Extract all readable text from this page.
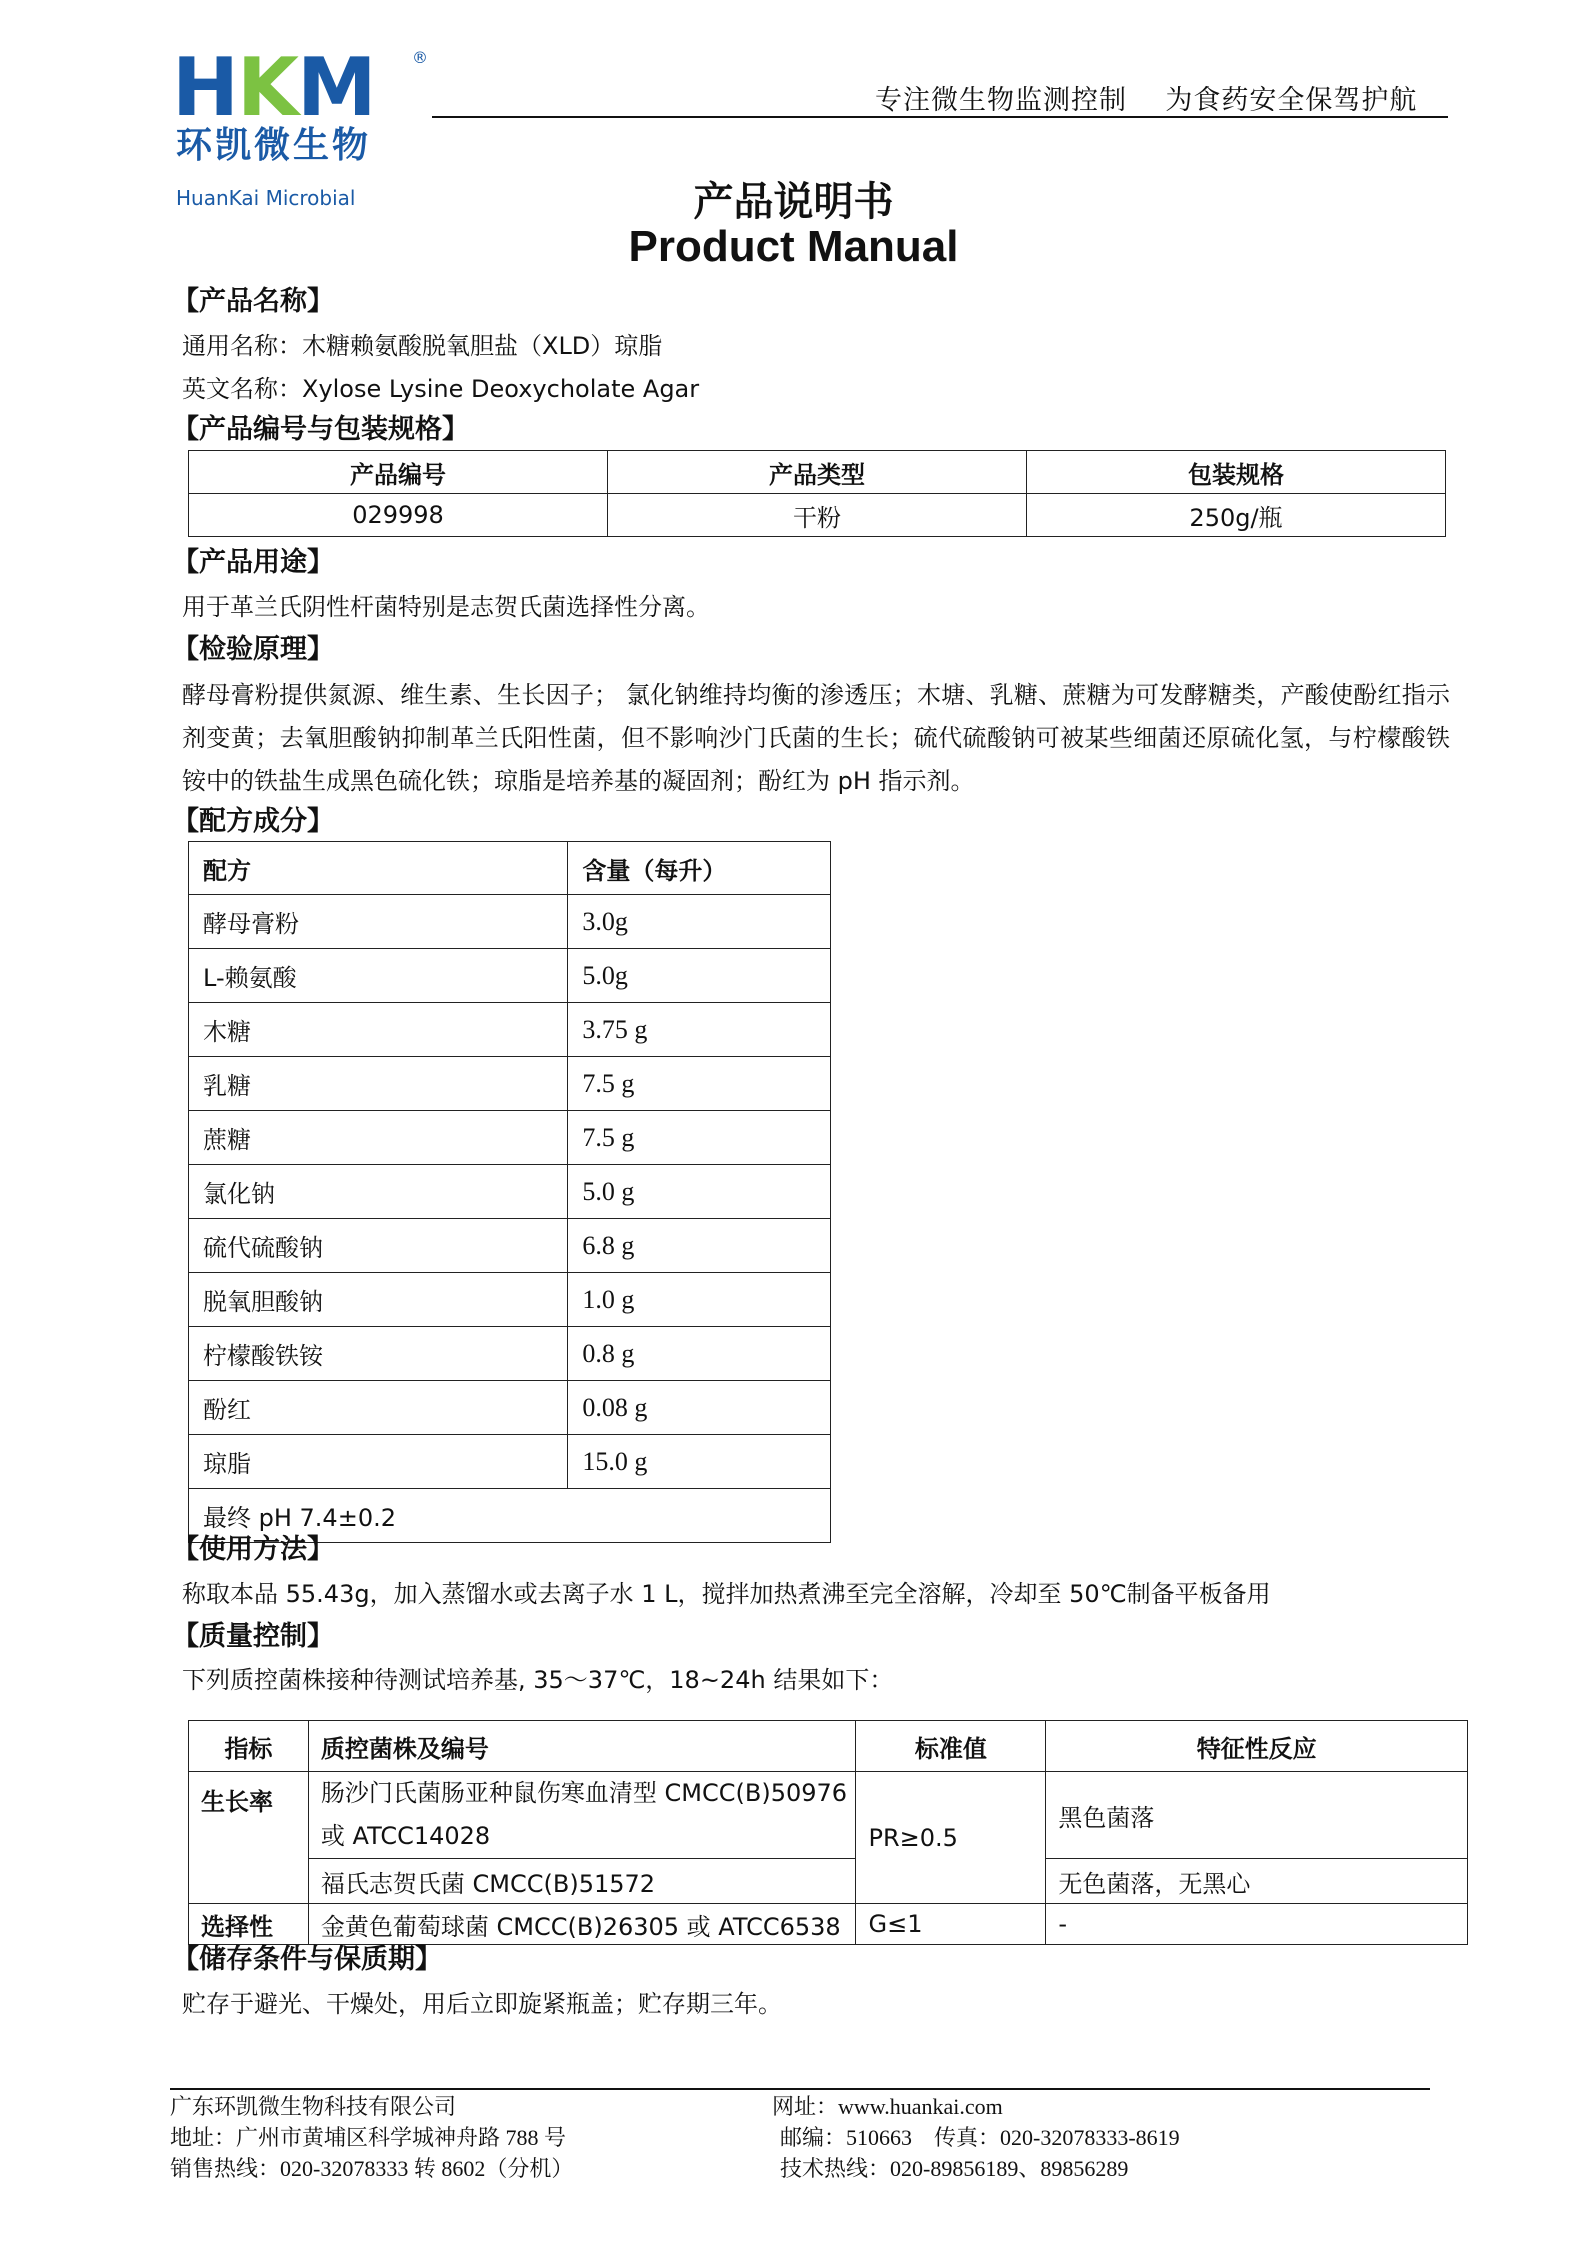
HKM ®
环凯微生物
HuanKai Microbial
专注微生物监测控制    为食药安全保驾护航
产品说明书
Product Manual
【产品名称】
通用名称：木糖赖氨酸脱氧胆盐（XLD）琼脂
英文名称：Xylose Lysine Deoxycholate Agar
【产品编号与包装规格】
产品编号	产品类型	包装规格
029998	干粉	250g/瓶
【产品用途】
用于革兰氏阴性杆菌特别是志贺氏菌选择性分离。
【检验原理】
酵母膏粉提供氮源、维生素、生长因子； 氯化钠维持均衡的渗透压；木塘、乳糖、蔗糖为可发酵糖类，产酸使酚红指示剂变黄；去氧胆酸钠抑制革兰氏阳性菌，但不影响沙门氏菌的生长；硫代硫酸钠可被某些细菌还原硫化氢，与柠檬酸铁铵中的铁盐生成黑色硫化铁；琼脂是培养基的凝固剂；酚红为 pH 指示剂。
【配方成分】
配方	含量（每升）
酵母膏粉	3.0g
L-赖氨酸	5.0g
木糖	3.75 g
乳糖	7.5 g
蔗糖	7.5 g
氯化钠	5.0 g
硫代硫酸钠	6.8 g
脱氧胆酸钠	1.0 g
柠檬酸铁铵	0.8 g
酚红	0.08 g
琼脂	15.0 g
最终 pH 7.4±0.2	
【使用方法】
称取本品 55.43g，加入蒸馏水或去离子水 1 L，搅拌加热煮沸至完全溶解，冷却至 50℃制备平板备用
【质量控制】
下列质控菌株接种待测试培养基, 35～37℃，18~24h 结果如下：
指标	质控菌株及编号	标准值	特征性反应
生长率	肠沙门氏菌肠亚种鼠伤寒血清型 CMCC(B)50976
或 ATCC14028	PR≥0.5	黑色菌落
	福氏志贺氏菌 CMCC(B)51572		无色菌落，无黑心
选择性	金黄色葡萄球菌 CMCC(B)26305 或 ATCC6538	G≤1	-
【储存条件与保质期】
贮存于避光、干燥处，用后立即旋紧瓶盖；贮存期三年。
广东环凯微生物科技有限公司
地址：广州市黄埔区科学城神舟路 788 号
销售热线：020-32078333 转 8602（分机）
网址：www.huankai.com
邮编：510663    传真：020-32078333-8619
技术热线：020-89856189、89856289
